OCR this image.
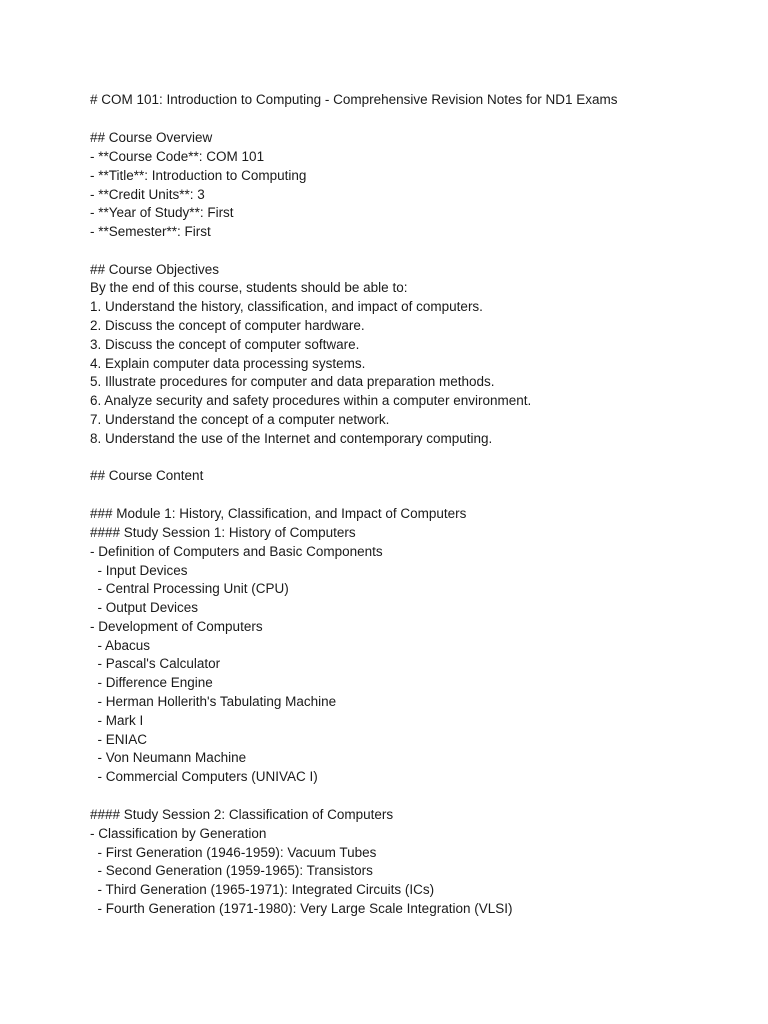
# COM 101: Introduction to Computing - Comprehensive Revision Notes for ND1 Exams
## Course Overview
- **Course Code**: COM 101
- **Title**: Introduction to Computing
- **Credit Units**: 3
- **Year of Study**: First
- **Semester**: First
## Course Objectives
By the end of this course, students should be able to:
1. Understand the history, classification, and impact of computers.
2. Discuss the concept of computer hardware.
3. Discuss the concept of computer software.
4. Explain computer data processing systems.
5. Illustrate procedures for computer and data preparation methods.
6. Analyze security and safety procedures within a computer environment.
7. Understand the concept of a computer network.
8. Understand the use of the Internet and contemporary computing.
## Course Content
### Module 1: History, Classification, and Impact of Computers
#### Study Session 1: History of Computers
- Definition of Computers and Basic Components
- Input Devices
- Central Processing Unit (CPU)
- Output Devices
- Development of Computers
- Abacus
- Pascal's Calculator
- Difference Engine
- Herman Hollerith's Tabulating Machine
- Mark I
- ENIAC
- Von Neumann Machine
- Commercial Computers (UNIVAC I)
#### Study Session 2: Classification of Computers
- Classification by Generation
- First Generation (1946-1959): Vacuum Tubes
- Second Generation (1959-1965): Transistors
- Third Generation (1965-1971): Integrated Circuits (ICs)
- Fourth Generation (1971-1980): Very Large Scale Integration (VLSI)
